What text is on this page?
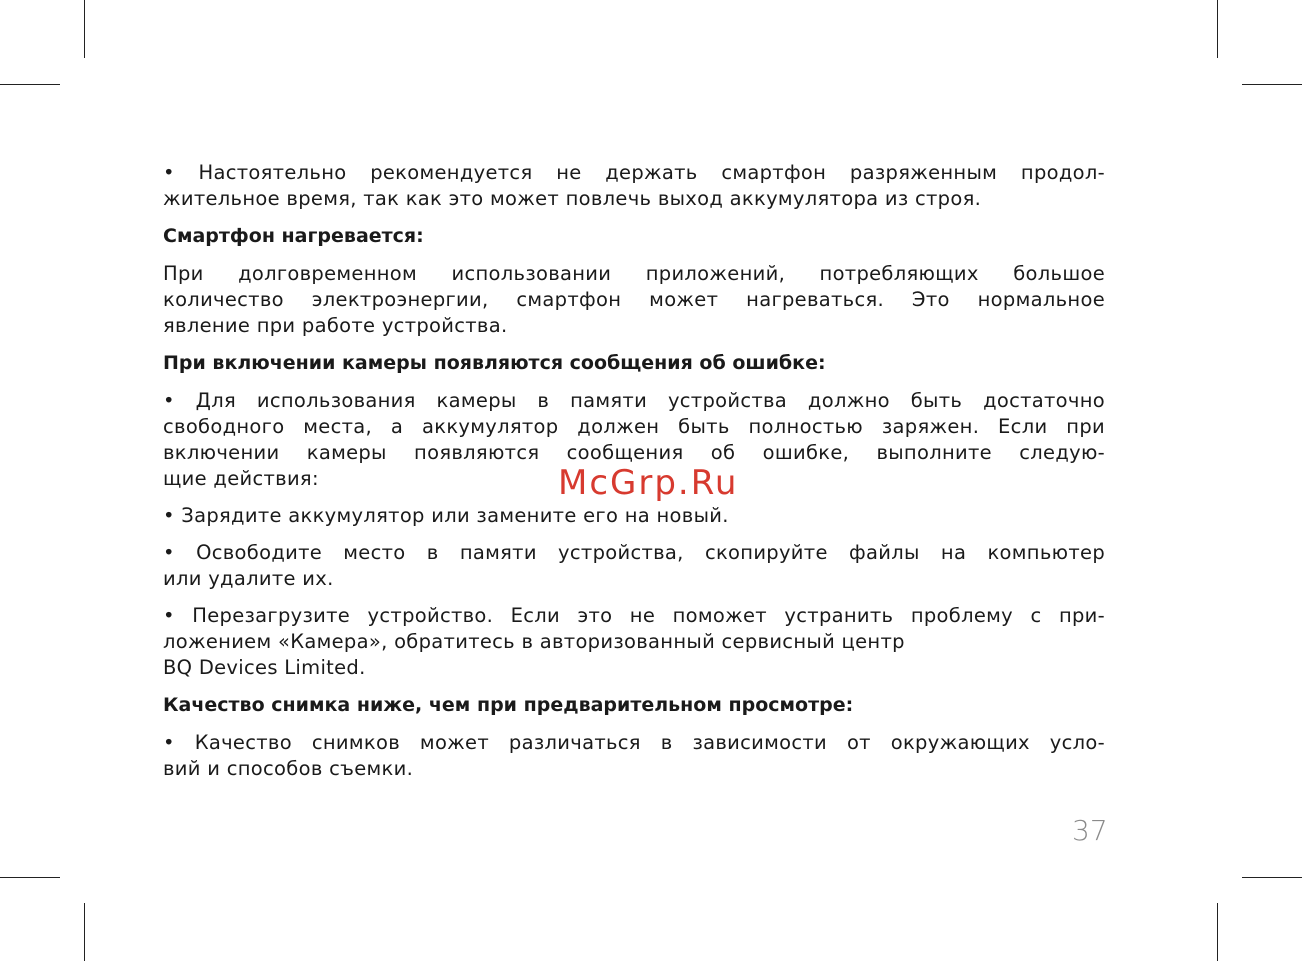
• Настоятельно рекомендуется не держать смартфон разряженным продол-
жительное время, так как это может повлечь выход аккумулятора из строя.

Смартфон нагревается:

При долговременном использовании приложений, потребляющих большое
количество электроэнергии, смартфон может нагреваться. Это нормальное
явление при работе устройства.

При включении камеры появляются сообщения об ошибке:

• Для использования камеры в памяти устройства должно быть достаточно
свободного места, а аккумулятор должен быть полностью заряжен. Если при
включении камеры появляются сообщения об ошибке, выполните следую-
щие действия:

• Зарядите аккумулятор или замените его на новый.

• Освободите место в памяти устройства, скопируйте файлы на компьютер
или удалите их.

• Перезагрузите устройство. Если это не поможет устранить проблему с при-
ложением «Камера», обратитесь в авторизованный сервисный центр
BQ Devices Limited.

Качество снимка ниже, чем при предварительном просмотре:

• Качество снимков может различаться в зависимости от окружающих усло-
вий и способов съемки.

McGrp.Ru
37
